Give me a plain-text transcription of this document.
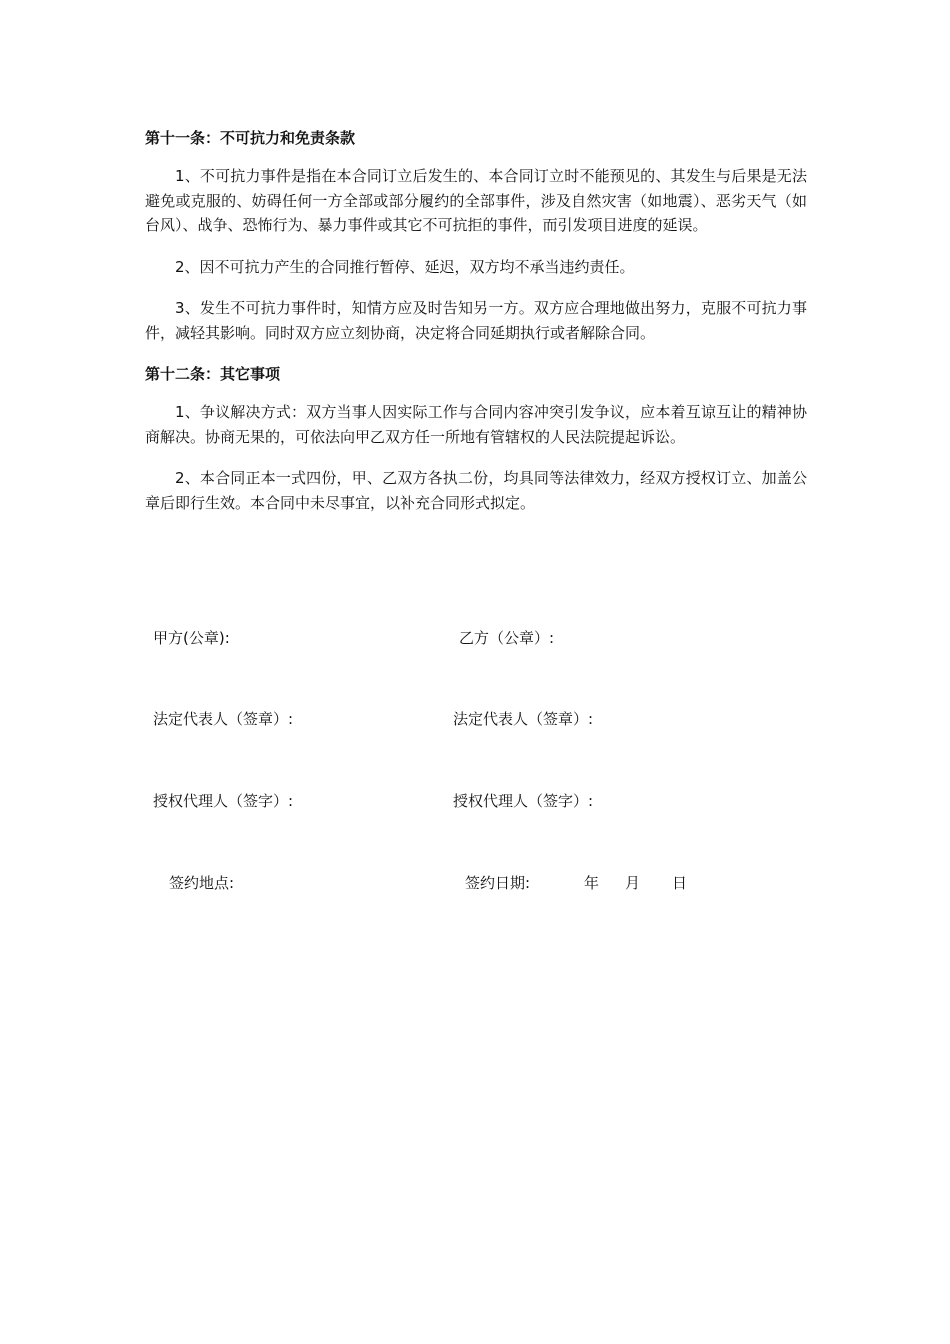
第十一条：不可抗力和免责条款

1、不可抗力事件是指在本合同订立后发生的、本合同订立时不能预见的、其发生与后果是无法避免或克服的、妨碍任何一方全部或部分履约的全部事件，涉及自然灾害（如地震）、恶劣天气（如台风）、战争、恐怖行为、暴力事件或其它不可抗拒的事件，而引发项目进度的延误。

2、因不可抗力产生的合同推行暂停、延迟，双方均不承当违约责任。

3、发生不可抗力事件时，知情方应及时告知另一方。双方应合理地做出努力，克服不可抗力事件，减轻其影响。同时双方应立刻协商，决定将合同延期执行或者解除合同。

第十二条：其它事项

1、争议解决方式：双方当事人因实际工作与合同内容冲突引发争议，应本着互谅互让的精神协商解决。协商无果的，可依法向甲乙双方任一所地有管辖权的人民法院提起诉讼。

2、本合同正本一式四份，甲、乙双方各执二份，均具同等法律效力，经双方授权订立、加盖公章后即行生效。本合同中未尽事宜，以补充合同形式拟定。

甲方(公章):	乙方（公章）:
法定代表人（签章）:	法定代表人（签章）:
授权代理人（签字）:	授权代理人（签字）:
签约地点:	签约日期:	年 月 日
